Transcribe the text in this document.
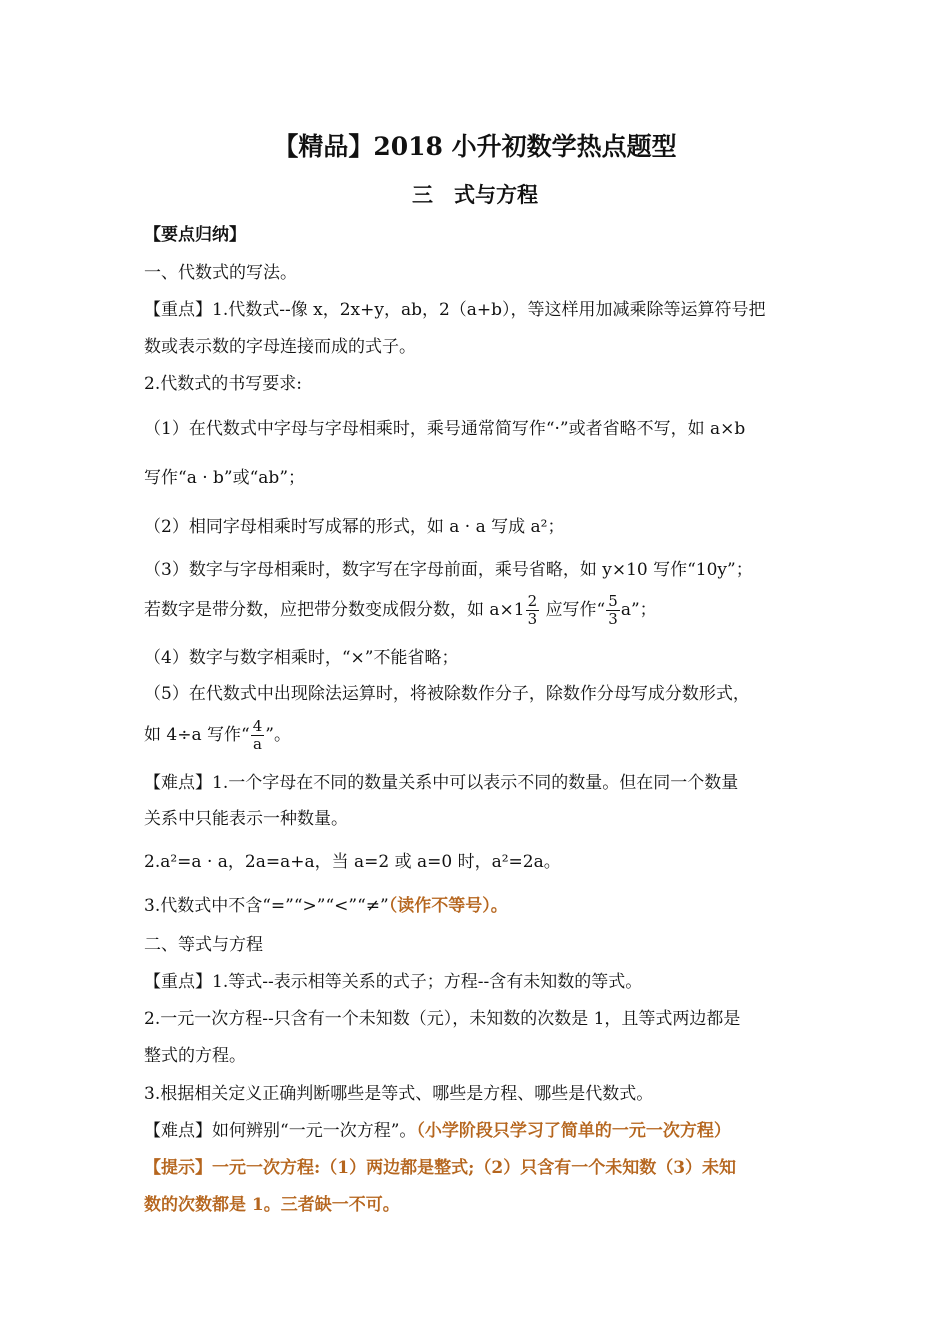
【精品】2018 小升初数学热点题型
三　式与方程
【要点归纳】
一、代数式的写法。
【重点】1.代数式--像 x，2x+y，ab，2（a+b），等这样用加减乘除等运算符号把
数或表示数的字母连接而成的式子。
2.代数式的书写要求:
（1）在代数式中字母与字母相乘时，乘号通常简写作“·”或者省略不写，如 a×b
写作“a · b”或“ab”；
（2）相同字母相乘时写成幂的形式，如 a · a 写成 a²；
（3）数字与字母相乘时，数字写在字母前面，乘号省略，如 y×10 写作“10y”；
若数字是带分数，应把带分数变成假分数，如 $a\times 1 \frac{2}{3}$ 应写作“ $\frac{5}{3} a$”；
（4）数字与数字相乘时，“×”不能省略；
（5）在代数式中出现除法运算时，将被除数作分子，除数作分母写成分数形式，
如 4÷a 写作“ $\frac{4}{a}$ ”。
【难点】1.一个字母在不同的数量关系中可以表示不同的数量。但在同一个数量
关系中只能表示一种数量。
2.a²=a · a，2a=a+a，当 a=2 或 a=0 时，a²=2a。
3.代数式中不含“=”“>”“<”“≠”（读作不等号）。
二、等式与方程
【重点】1.等式--表示相等关系的式子；方程--含有未知数的等式。
2.一元一次方程--只含有一个未知数（元），未知数的次数是 1，且等式两边都是
整式的方程。
3.根据相关定义正确判断哪些是等式、哪些是方程、哪些是代数式。
【难点】如何辨别“一元一次方程”。（小学阶段只学习了简单的一元一次方程）
【提示】一元一次方程:（1）两边都是整式;（2）只含有一个未知数（3）未知
数的次数都是 1。三者缺一不可。
